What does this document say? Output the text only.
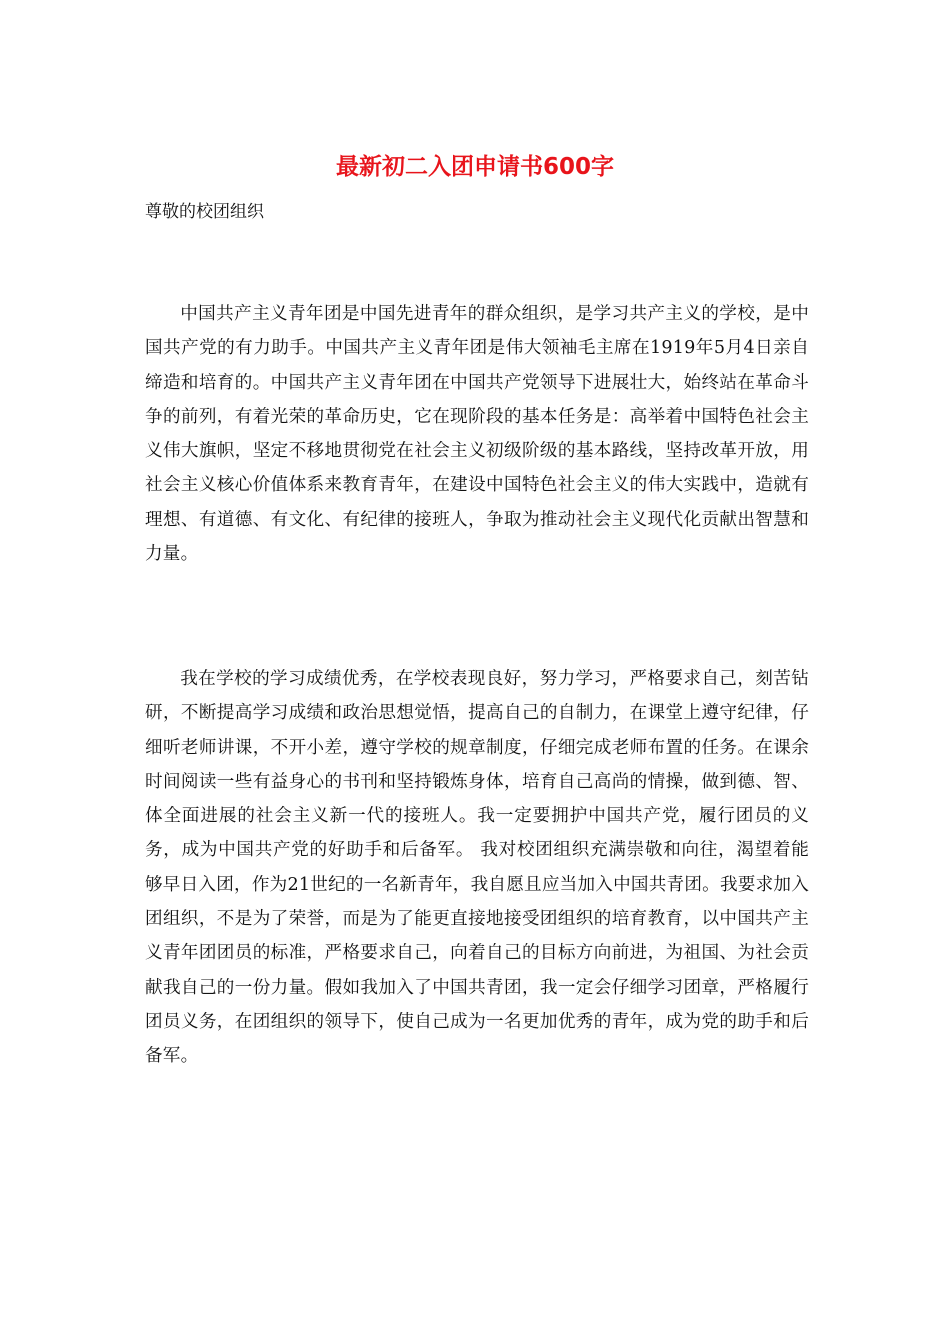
最新初二入团申请书600字

尊敬的校团组织

中国共产主义青年团是中国先进青年的群众组织，是学习共产主义的学校，是中国共产党的有力助手。中国共产主义青年团是伟大领袖毛主席在1919年5月4日亲自缔造和培育的。中国共产主义青年团在中国共产党领导下进展壮大，始终站在革命斗争的前列，有着光荣的革命历史，它在现阶段的基本任务是：高举着中国特色社会主义伟大旗帜，坚定不移地贯彻党在社会主义初级阶级的基本路线，坚持改革开放，用社会主义核心价值体系来教育青年，在建设中国特色社会主义的伟大实践中，造就有理想、有道德、有文化、有纪律的接班人，争取为推动社会主义现代化贡献出智慧和力量。

我在学校的学习成绩优秀，在学校表现良好，努力学习，严格要求自己，刻苦钻研，不断提高学习成绩和政治思想觉悟，提高自己的自制力，在课堂上遵守纪律，仔细听老师讲课，不开小差，遵守学校的规章制度，仔细完成老师布置的任务。在课余时间阅读一些有益身心的书刊和坚持锻炼身体，培育自己高尚的情操，做到德、智、体全面进展的社会主义新一代的接班人。我一定要拥护中国共产党，履行团员的义务，成为中国共产党的好助手和后备军。 我对校团组织充满崇敬和向往，渴望着能够早日入团，作为21世纪的一名新青年，我自愿且应当加入中国共青团。我要求加入团组织，不是为了荣誉，而是为了能更直接地接受团组织的培育教育，以中国共产主义青年团团员的标准，严格要求自己，向着自己的目标方向前进，为祖国、为社会贡献我自己的一份力量。假如我加入了中国共青团，我一定会仔细学习团章，严格履行团员义务，在团组织的领导下，使自己成为一名更加优秀的青年，成为党的助手和后备军。
